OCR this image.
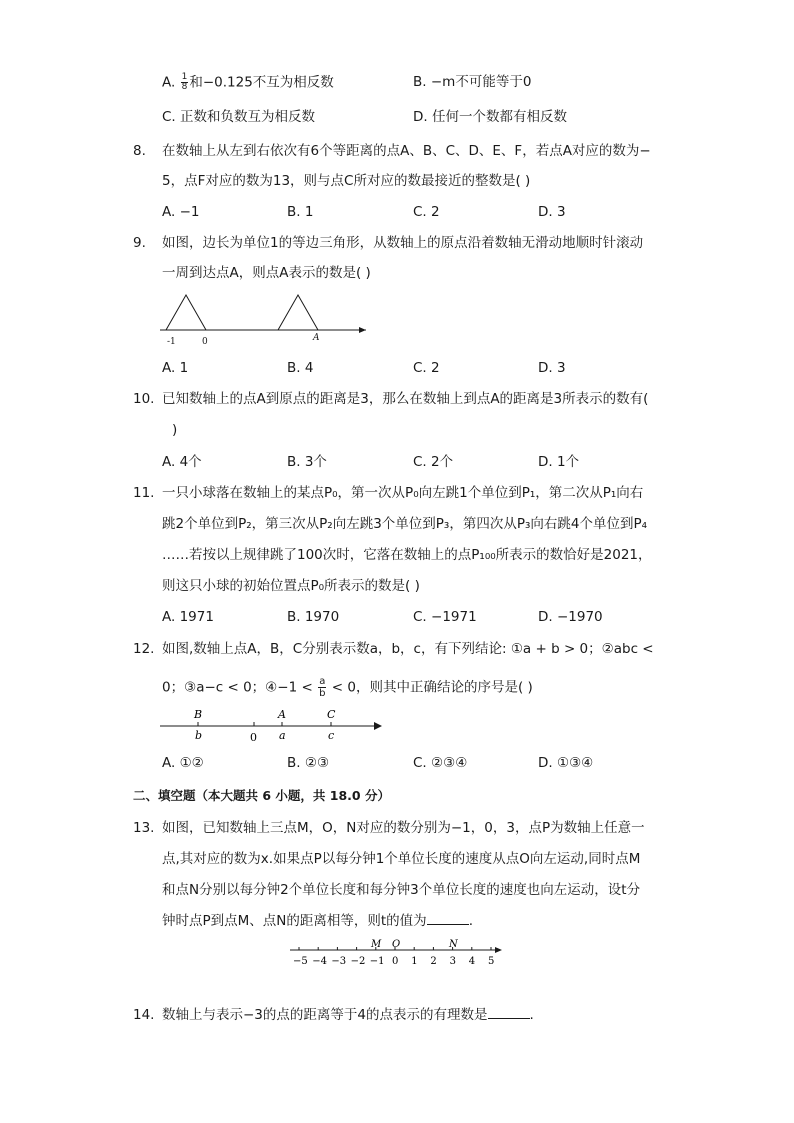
A. $\frac{1}{8}$ 和−0.125不互为相反数	B. −m不可能等于0
C. 正数和负数互为相反数	D. 任何一个数都有相反数
8. 在数轴上从左到右依次有6个等距离的点A、B、C、D、E、F，若点A对应的数为−
5，点F对应的数为13，则与点C所对应的数最接近的整数是( )
A. −1	B. 1	C. 2	D. 3
9. 如图，边长为单位1的等边三角形，从数轴上的原点沿着数轴无滑动地顺时针滚动
一周到达点A，则点A表示的数是( )
-1	0	A
A. 1	B. 4	C. 2	D. 3
10. 已知数轴上的点A到原点的距离是3，那么在数轴上到点A的距离是3所表示的数有(
)
A. 4个	B. 3个	C. 2个	D. 1个
11. 一只小球落在数轴上的某点P₀，第一次从P₀向左跳1个单位到P₁，第二次从P₁向右
跳2个单位到P₂，第三次从P₂向左跳3个单位到P₃，第四次从P₃向右跳4个单位到P₄
……若按以上规律跳了100次时，它落在数轴上的点P₁₀₀所表示的数恰好是2021，
则这只小球的初始位置点P₀所表示的数是( )
A. 1971	B. 1970	C. −1971	D. −1970
12. 如图,数轴上点A，B，C分别表示数a，b，c，有下列结论: ①a + b > 0；②abc <
0；③a−c < 0；④−1 < $\frac{a}{b} < 0$，则其中正确结论的序号是( )
B	A	C
b	0 a	c
A. ①②	B. ②③	C. ②③④	D. ①③④
二、填空题（本大题共 6 小题，共 18.0 分）
13. 如图，已知数轴上三点M，O，N对应的数分别为−1，0，3，点P为数轴上任意一
点,其对应的数为x.如果点P以每分钟1个单位长度的速度从点O向左运动,同时点M
和点N分别以每分钟2个单位长度和每分钟3个单位长度的速度也向左运动，设t分
钟时点P到点M、点N的距离相等，则t的值为	.
−5 −4 −3 −2 −1 0 1 2 3 4 5
M O	N
14. 数轴上与表示−3的点的距离等于4的点表示的有理数是	.
